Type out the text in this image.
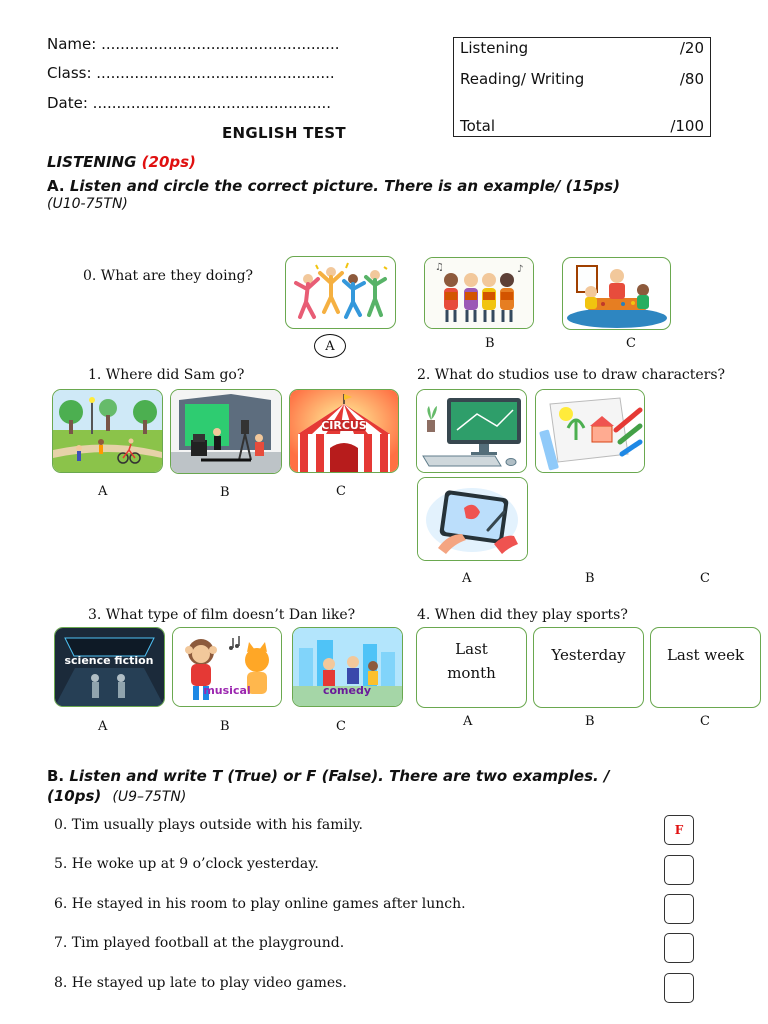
Name: ..................................................
Class: ..................................................
Date: ..................................................
Listening	/20
Reading/ Writing	/80
Total	/100
ENGLISH TEST
LISTENING (20ps)
A. Listen and circle the correct picture. There is an example/ (15ps)
(U10-75TN)
0. What are they doing?
A
♪
♫
B	C
1. Where did Sam go?
CIRCUS
A	B	C
2. What do studios use to draw characters?
A	B	C
3. What type of film doesn’t Dan like?
science fiction
musical	comedy
A	B	C
4. When did they play sports?
Last month
Yesterday	Last week
A	B	C
B. Listen and write T (True) or F (False). There are two examples. /
(10ps) (U9–75TN)
0. Tim usually plays outside with his family.	F
5. He woke up at 9 o’clock yesterday.
6. He stayed in his room to play online games after lunch.
7. Tim played football at the playground.
8. He stayed up late to play video games.
